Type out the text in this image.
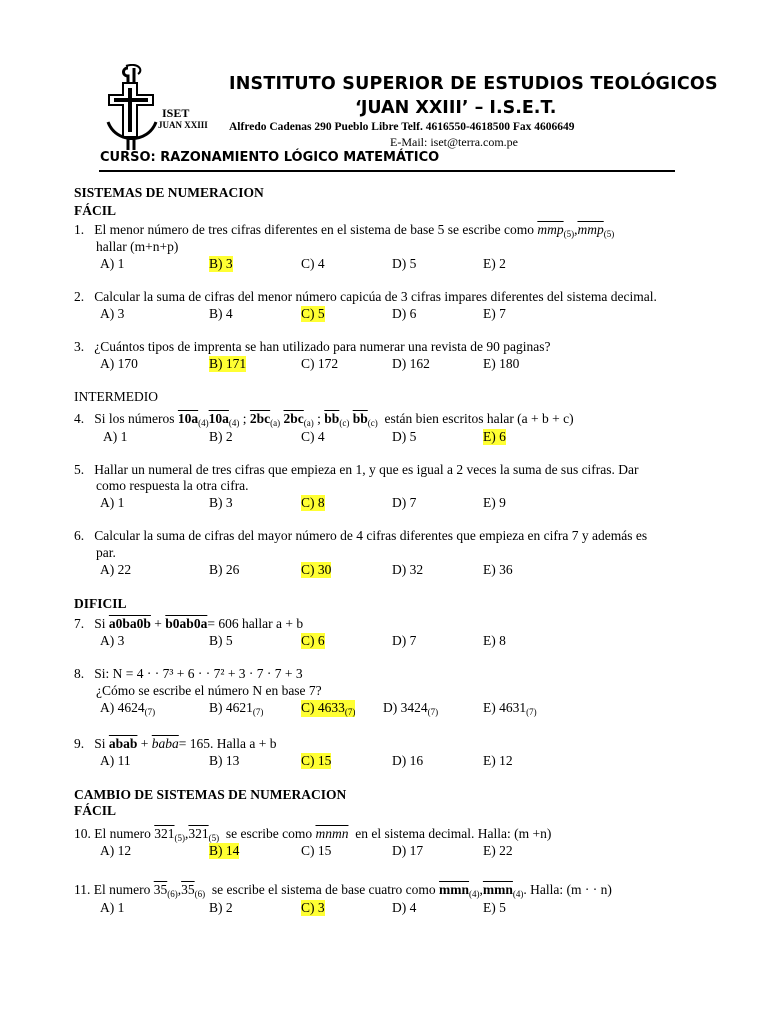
ISET
JUAN XXIII
INSTITUTO SUPERIOR DE ESTUDIOS TEOLÓGICOS
‘JUAN XXIII’ – I.S.E.T.
Alfredo Cadenas 290 Pueblo Libre Telf. 4616550-4618500 Fax 4606649
E-Mail: iset@terra.com.pe
CURSO: RAZONAMIENTO LÓGICO MATEMÁTICO
SISTEMAS DE NUMERACION
FÁCIL
1. El menor número de tres cifras diferentes en el sistema de base 5 se escribe como $\overline{mmp}_{(5)},\overline{mmp}_{(5)}$
hallar (m+n+p)
A) 1	B) 3	C) 4	D) 5	E) 2
2. Calcular la suma de cifras del menor número capicúa de 3 cifras impares diferentes del sistema decimal.
A) 3	B) 4	C) 5	D) 6	E) 7
3. ¿Cuántos tipos de imprenta se han utilizado para numerar una revista de 90 paginas?
A) 170	B) 171	C) 172	D) 162	E) 180
INTERMEDIO
4. Si los números $10a_{(4)}10a_{(4)}$ ; $2bc_{(a)}$ $2bc_{(a)}$ ; $\overline{bb}_{(c)}$ $\overline{bb}_{(c)}$ están bien escritos halar (a + b + c)
A) 1	B) 2	C) 4	D) 5	E) 6
5. Hallar un numeral de tres cifras que empieza en 1, y que es igual a 2 veces la suma de sus cifras. Dar
como respuesta la otra cifra.
A) 1	B) 3	C) 8	D) 7	E) 9
6. Calcular la suma de cifras del mayor número de 4 cifras diferentes que empieza en cifra 7 y además es
par.
A) 22	B) 26	C) 30	D) 32	E) 36
DIFICIL
7. Si a0ba0b + b0ab0a= 606 hallar a + b
A) 3	B) 5	C) 6	D) 7	E) 8
8. Si: N = 4 · · 7³ + 6 · · 7² + 3 · 7 · 7 + 3
¿Cómo se escribe el número N en base 7?
A) $4624_{(7)}$	B) $4621_{(7)}$	C) $4633_{(7)}$ D) $3424_{(7)}$	E) $4631_{(7)}$
9. Si abab + baba= 165. Halla a + b
A) 11	B) 13	C) 15	D) 16	E) 12
CAMBIO DE SISTEMAS DE NUMERACION
FÁCIL
10. El numero $321_{(5)},321_{(5)}$ se escribe como mnmn en el sistema decimal. Halla: (m +n)
A) 12	B) 14	C) 15	D) 17	E) 22
11. El numero $35_{(6)},35_{(6)}$ se escribe el sistema de base cuatro como $\overline{mmn}_{(4)},\overline{mmn}_{(4)}$. Halla: (m · · n)
A) 1	B) 2	C) 3	D) 4	E) 5
